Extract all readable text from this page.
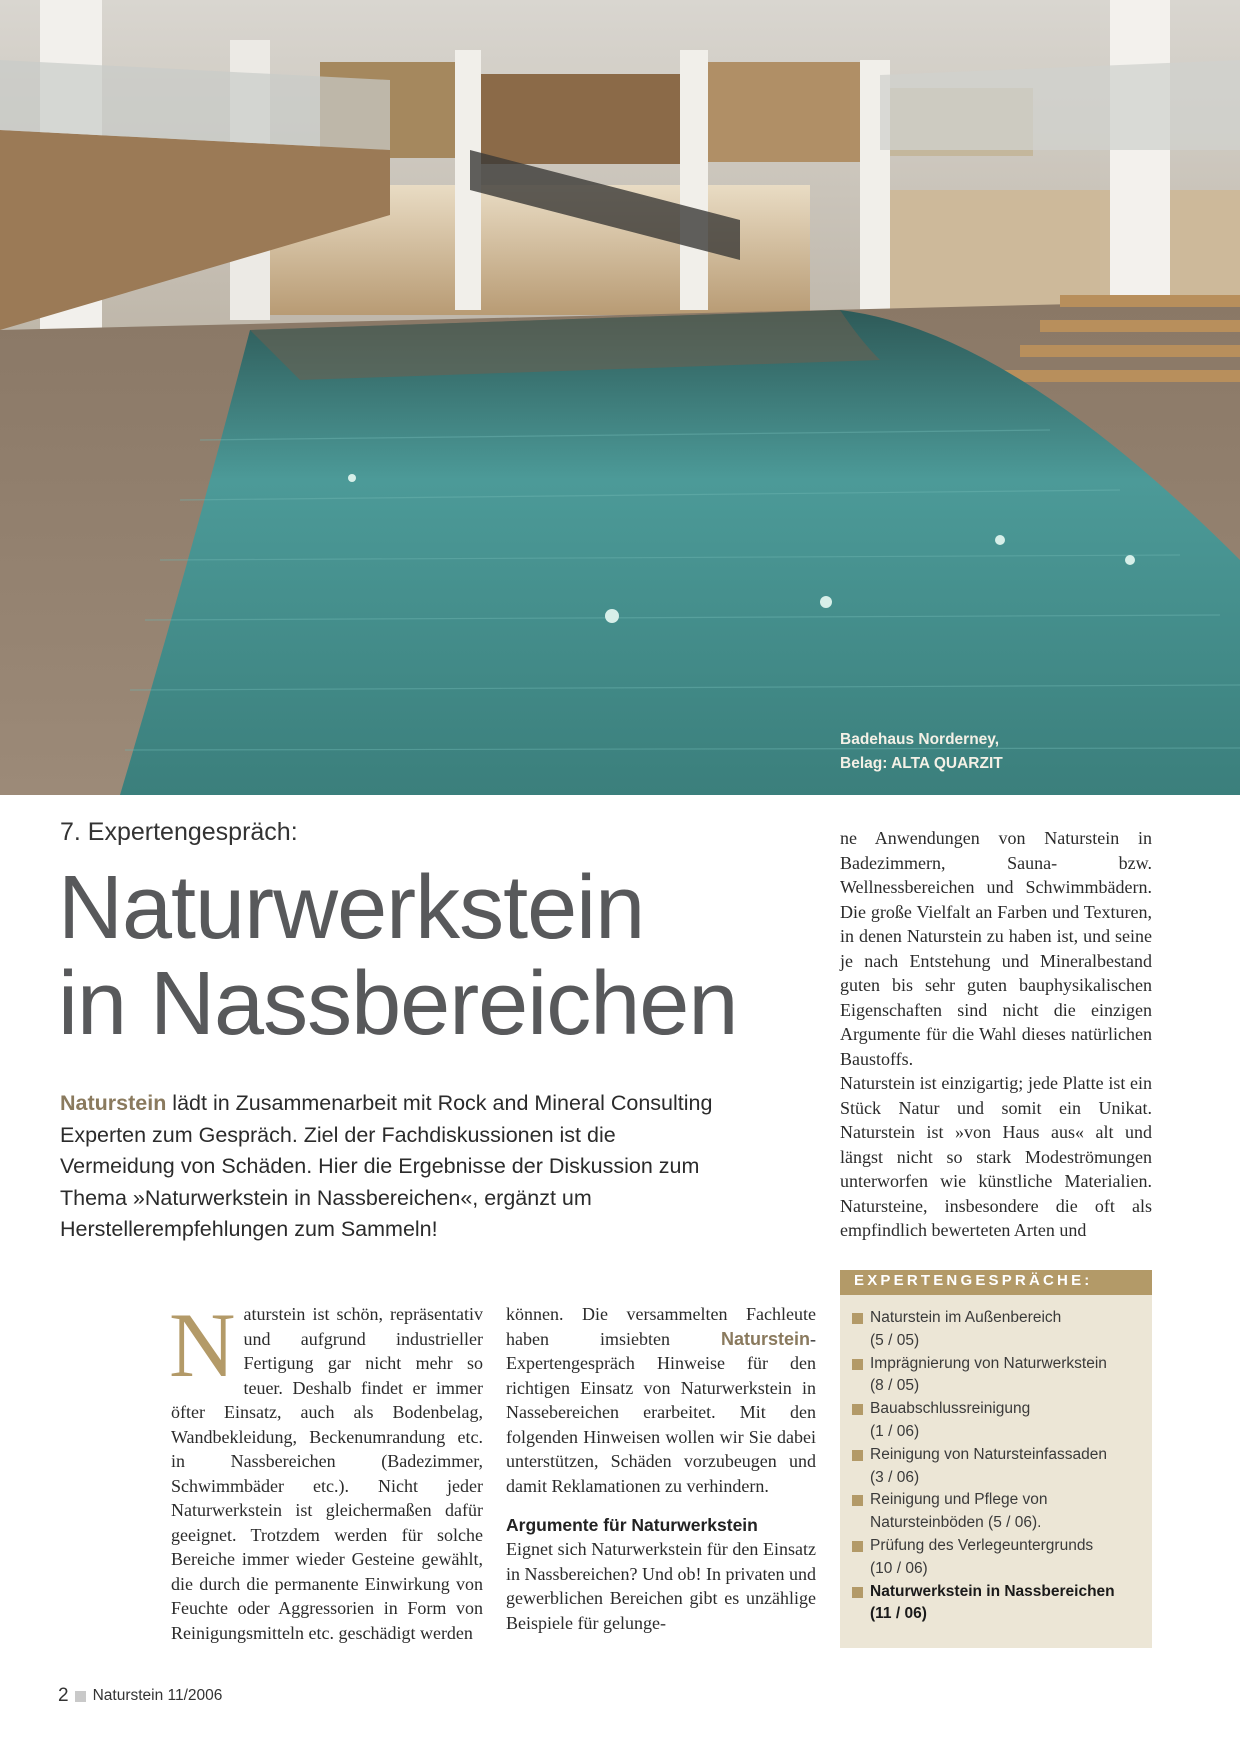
Badehaus Norderney,
Belag: ALTA QUARZIT
7. Expertengespräch:
Naturwerkstein
in Nassbereichen

Naturstein lädt in Zusammenarbeit mit Rock and Mineral Consulting Experten zum Gespräch. Ziel der Fachdiskussionen ist die Vermeidung von Schäden. Hier die Ergebnisse der Diskussion zum Thema »Naturwerkstein in Nassbereichen«, ergänzt um Herstellerempfehlungen zum Sammeln!

Naturstein ist schön, repräsentativ und aufgrund industrieller Fertigung gar nicht mehr so teuer. Deshalb findet er immer öfter Einsatz, auch als Bodenbelag, Wandbekleidung, Beckenumrandung etc. in Nassbereichen (Badezimmer, Schwimmbäder etc.). Nicht jeder Naturwerkstein ist gleichermaßen dafür geeignet. Trotzdem werden für solche Bereiche immer wieder Gesteine gewählt, die durch die permanente Einwirkung von Feuchte oder Aggressorien in Form von Reinigungsmitteln etc. geschädigt werden

können. Die versammelten Fachleute haben imsiebten Naturstein-Expertengespräch Hinweise für den richtigen Einsatz von Naturwerkstein in Nassebereichen erarbeitet. Mit den folgenden Hinweisen wollen wir Sie dabei unterstützen, Schäden vorzubeugen und damit Reklamationen zu verhindern.

Argumente für Naturwerkstein

Eignet sich Naturwerkstein für den Einsatz in Nassbereichen? Und ob! In privaten und gewerblichen Bereichen gibt es unzählige Beispiele für gelunge-

ne Anwendungen von Naturstein in Badezimmern, Sauna- bzw. Wellnessbereichen und Schwimmbädern. Die große Vielfalt an Farben und Texturen, in denen Naturstein zu haben ist, und seine je nach Entstehung und Mineralbestand guten bis sehr guten bauphysikalischen Eigenschaften sind nicht die einzigen Argumente für die Wahl dieses natürlichen Baustoffs.

Naturstein ist einzigartig; jede Platte ist ein Stück Natur und somit ein Unikat. Naturstein ist »von Haus aus« alt und längst nicht so stark Modeströmungen unterworfen wie künstliche Materialien. Natursteine, insbesondere die oft als empfindlich bewerteten Arten und

EXPERTENGESPRÄCHE:
Naturstein im Außenbereich
(5 / 05)
Imprägnierung von Naturwerkstein
(8 / 05)
Bauabschlussreinigung
(1 / 06)
Reinigung von Natursteinfassaden
(3 / 06)
Reinigung und Pflege von
Natursteinböden (5 / 06).
Prüfung des Verlegeuntergrunds
(10 / 06)
Naturwerkstein in Nassbereichen
(11 / 06)
2 Naturstein 11/2006
